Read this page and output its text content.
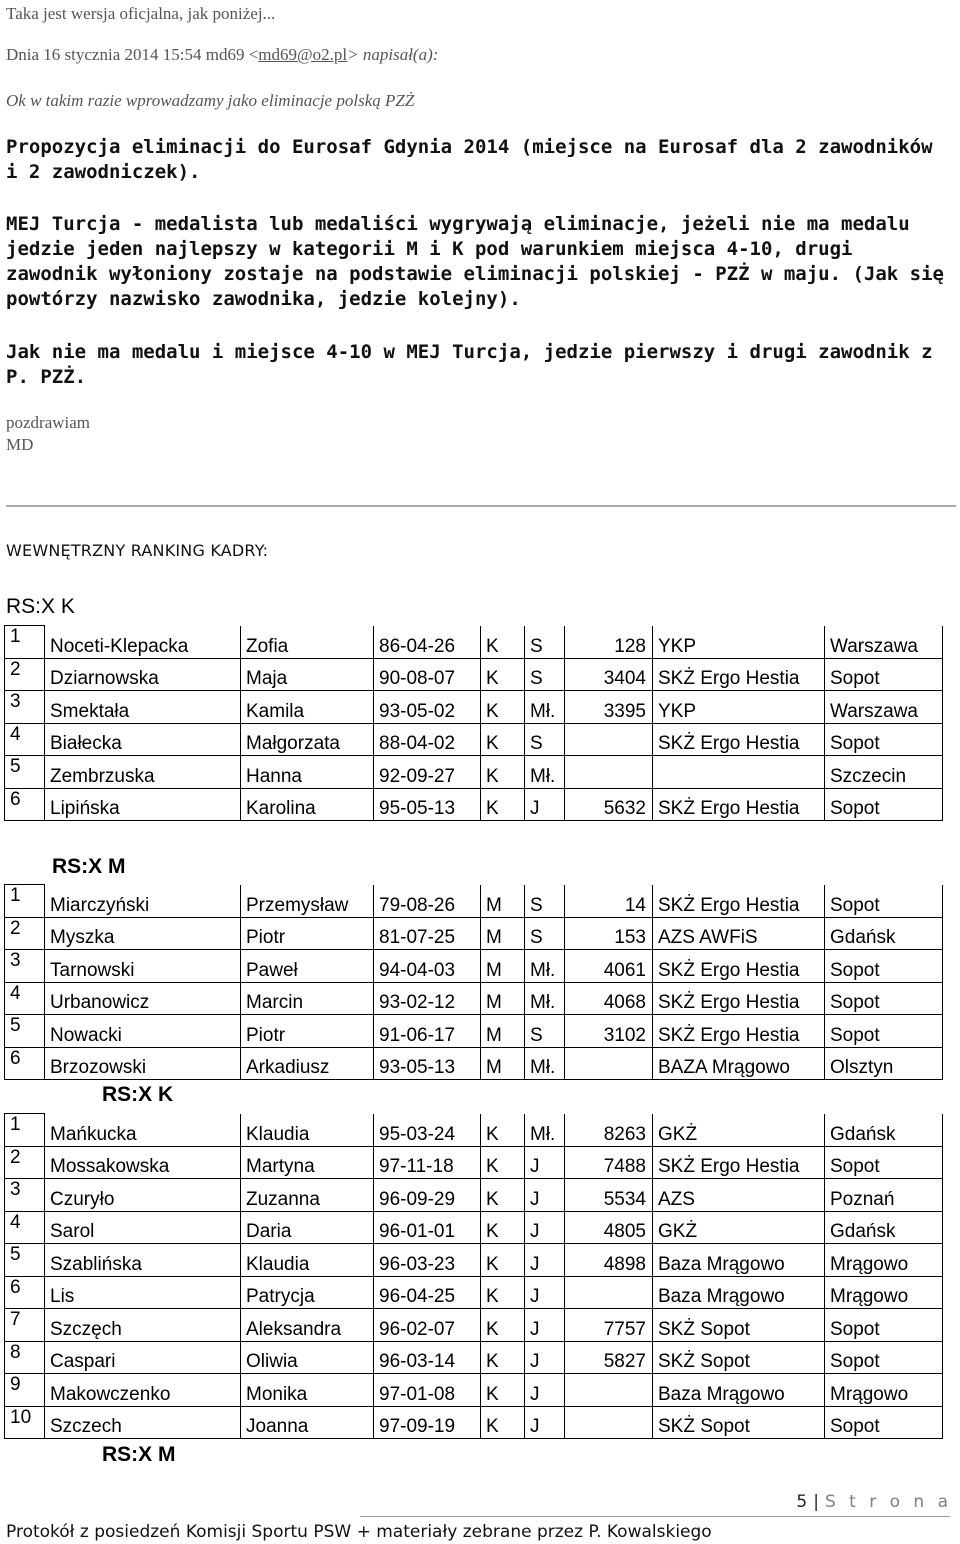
Taka jest wersja oficjalna, jak poniżej...
Dnia 16 stycznia 2014 15:54 md69 <md69@o2.pl> napisał(a):
Ok w takim razie wprowadzamy jako eliminacje polską PZŻ
Propozycja eliminacji do Eurosaf Gdynia 2014 (miejsce na Eurosaf dla 2 zawodników i 2 zawodniczek).
MEJ Turcja - medalista lub medaliści wygrywają eliminacje, jeżeli nie ma medalu jedzie jeden najlepszy w kategorii M i K pod warunkiem miejsca 4-10, drugi zawodnik wyłoniony zostaje na podstawie eliminacji polskiej - PZŻ w maju. (Jak się powtórzy nazwisko zawodnika, jedzie kolejny).
Jak nie ma medalu i miejsce 4-10 w MEJ Turcja, jedzie pierwszy i drugi zawodnik z P. PZŻ.
pozdrawiam
MD
WEWNĘTRZNY RANKING KADRY:
RS:X K
1	Noceti-Klepacka	Zofia	86-04-26	K	S	128	YKP	Warszawa
2	Dziarnowska	Maja	90-08-07	K	S	3404	SKŻ Ergo Hestia	Sopot
3	Smektała	Kamila	93-05-02	K	Mł.	3395	YKP	Warszawa
4	Białecka	Małgorzata	88-04-02	K	S		SKŻ Ergo Hestia	Sopot
5	Zembrzuska	Hanna	92-09-27	K	Mł.			Szczecin
6	Lipińska	Karolina	95-05-13	K	J	5632	SKŻ Ergo Hestia	Sopot
RS:X M
1	Miarczyński	Przemysław	79-08-26	M	S	14	SKŻ Ergo Hestia	Sopot
2	Myszka	Piotr	81-07-25	M	S	153	AZS AWFiS	Gdańsk
3	Tarnowski	Paweł	94-04-03	M	Mł.	4061	SKŻ Ergo Hestia	Sopot
4	Urbanowicz	Marcin	93-02-12	M	Mł.	4068	SKŻ Ergo Hestia	Sopot
5	Nowacki	Piotr	91-06-17	M	S	3102	SKŻ Ergo Hestia	Sopot
6	Brzozowski	Arkadiusz	93-05-13	M	Mł.		BAZA Mrągowo	Olsztyn
RS:X K
1	Mańkucka	Klaudia	95-03-24	K	Mł.	8263	GKŻ	Gdańsk
2	Mossakowska	Martyna	97-11-18	K	J	7488	SKŻ Ergo Hestia	Sopot
3	Czuryło	Zuzanna	96-09-29	K	J	5534	AZS	Poznań
4	Sarol	Daria	96-01-01	K	J	4805	GKŻ	Gdańsk
5	Szablińska	Klaudia	96-03-23	K	J	4898	Baza Mrągowo	Mrągowo
6	Lis	Patrycja	96-04-25	K	J		Baza Mrągowo	Mrągowo
7	Szczęch	Aleksandra	96-02-07	K	J	7757	SKŻ Sopot	Sopot
8	Caspari	Oliwia	96-03-14	K	J	5827	SKŻ Sopot	Sopot
9	Makowczenko	Monika	97-01-08	K	J		Baza Mrągowo	Mrągowo
10	Szczech	Joanna	97-09-19	K	J		SKŻ Sopot	Sopot
RS:X M
5 | S t r o n a
Protokół z posiedzeń Komisji Sportu PSW + materiały zebrane przez P. Kowalskiego
